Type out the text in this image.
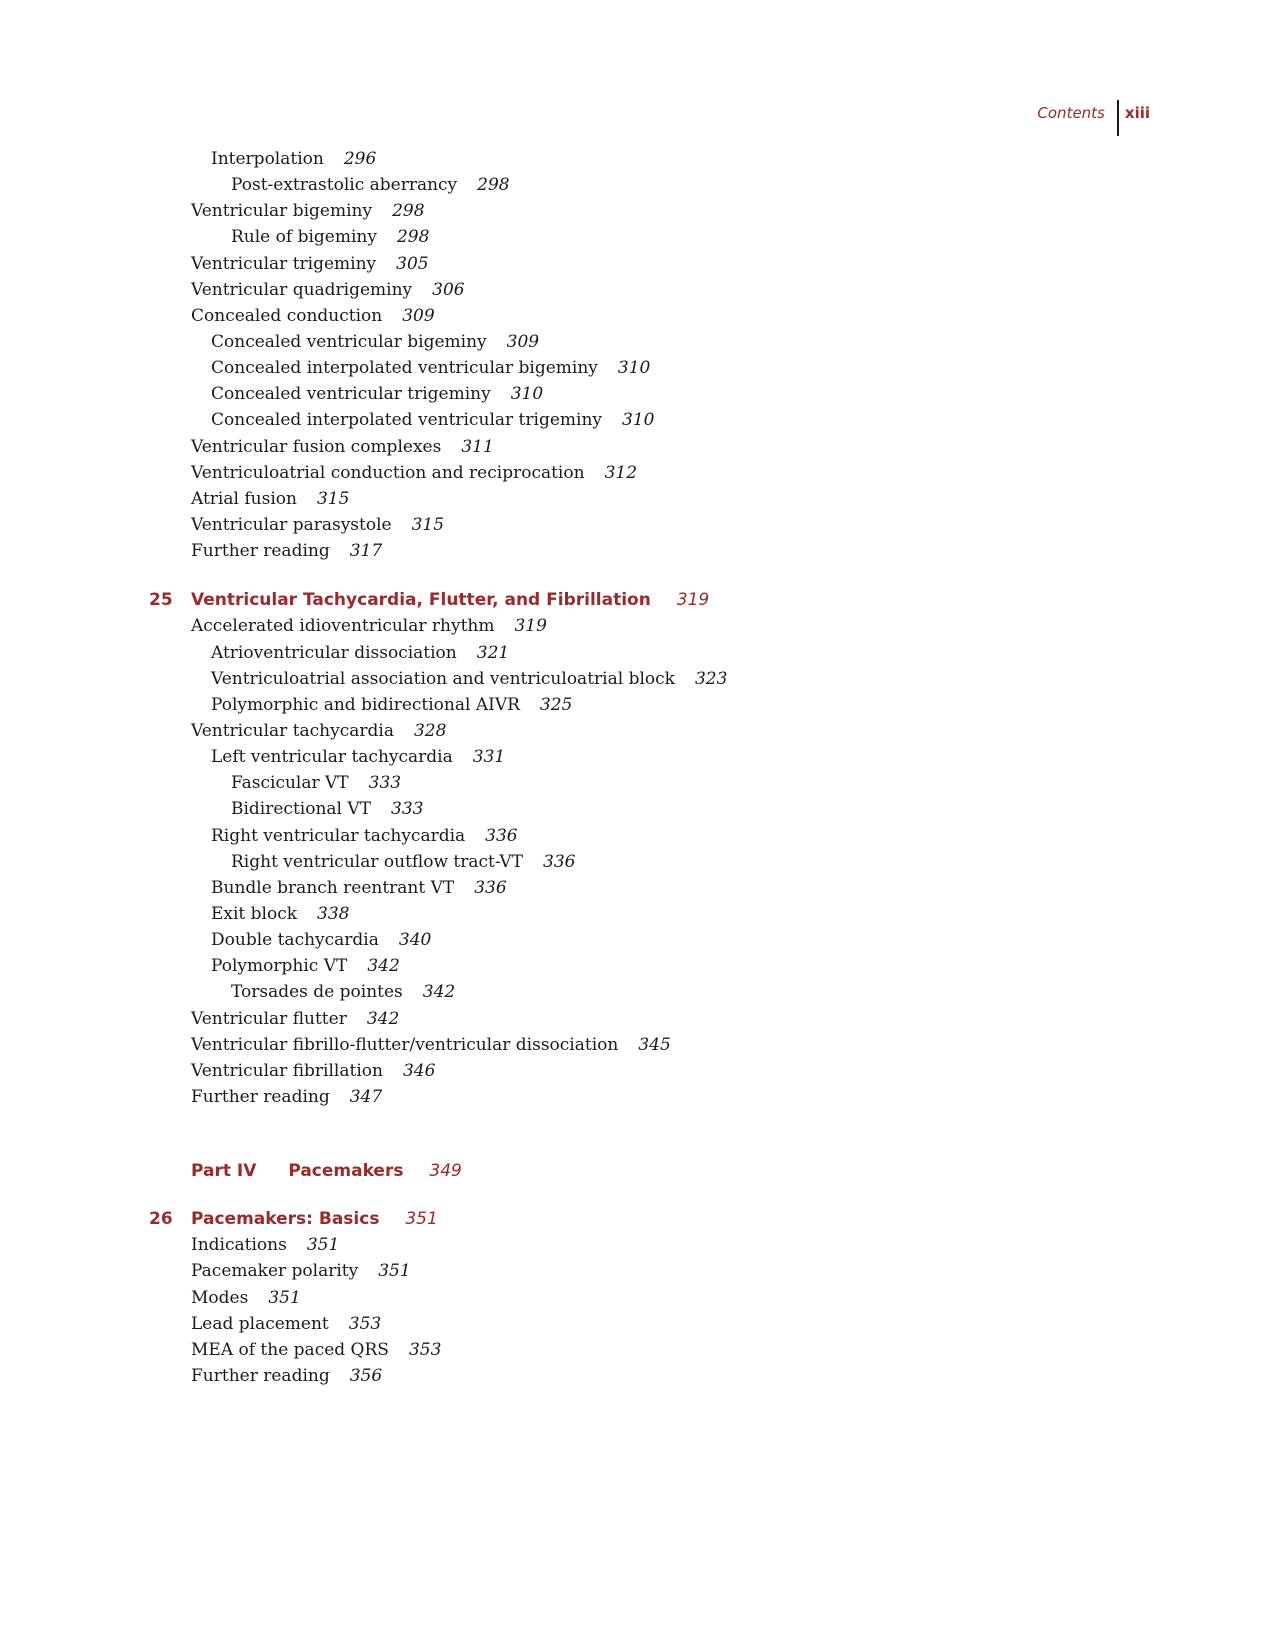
Contents	xiii
Interpolation 296
Post-extrastolic aberrancy 298
Ventricular bigeminy 298
Rule of bigeminy 298
Ventricular trigeminy 305
Ventricular quadrigeminy 306
Concealed conduction 309
Concealed ventricular bigeminy 309
Concealed interpolated ventricular bigeminy 310
Concealed ventricular trigeminy 310
Concealed interpolated ventricular trigeminy 310
Ventricular fusion complexes 311
Ventriculoatrial conduction and reciprocation 312
Atrial fusion 315
Ventricular parasystole 315
Further reading 317
25 Ventricular Tachycardia, Flutter, and Fibrillation 319
Accelerated idioventricular rhythm 319
Atrioventricular dissociation 321
Ventriculoatrial association and ventriculoatrial block 323
Polymorphic and bidirectional AIVR 325
Ventricular tachycardia 328
Left ventricular tachycardia 331
Fascicular VT 333
Bidirectional VT 333
Right ventricular tachycardia 336
Right ventricular outflow tract-VT 336
Bundle branch reentrant VT 336
Exit block 338
Double tachycardia 340
Polymorphic VT 342
Torsades de pointes 342
Ventricular flutter 342
Ventricular fibrillo-flutter/ventricular dissociation 345
Ventricular fibrillation 346
Further reading 347
Part IV Pacemakers 349
26 Pacemakers: Basics 351
Indications 351
Pacemaker polarity 351
Modes 351
Lead placement 353
MEA of the paced QRS 353
Further reading 356
